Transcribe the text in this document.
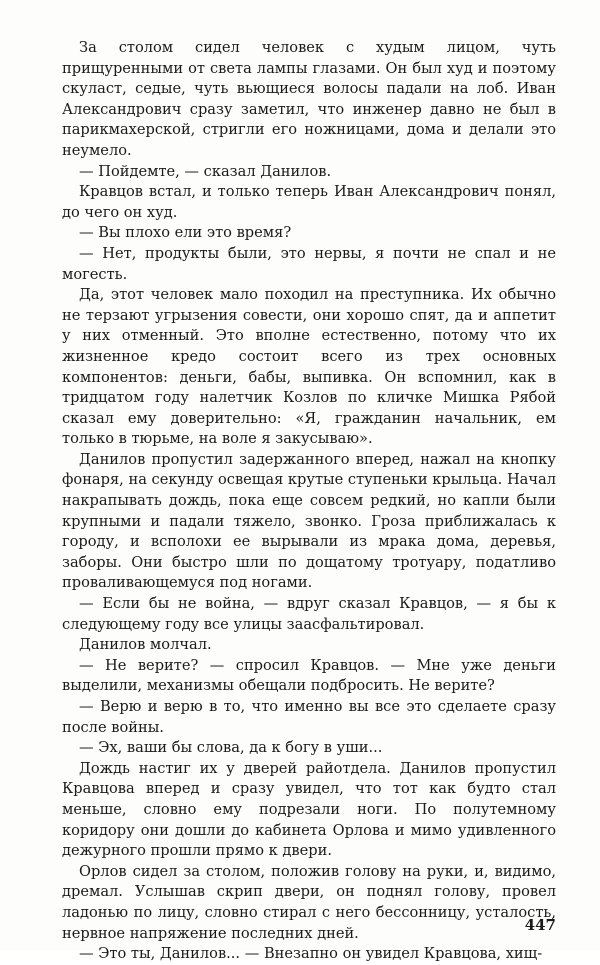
За столом сидел человек с худым лицом, чуть прищуренными от света лампы глазами. Он был худ и поэтому скуласт, седые, чуть вьющиеся волосы падали на лоб. Иван Александрович сразу заметил, что инженер давно не был в парикмахерской, стригли его ножницами, дома и делали это неумело.

— Пойдемте, — сказал Данилов.

Кравцов встал, и только теперь Иван Александрович понял, до чего он худ.

— Вы плохо ели это время?

— Нет, продукты были, это нервы, я почти не спал и не могесть.

Да, этот человек мало походил на преступника. Их обычно не терзают угрызения совести, они хорошо спят, да и аппетит у них отменный. Это вполне естественно, потому что их жизненное кредо состоит всего из трех основных компонентов: деньги, бабы, выпивка. Он вспомнил, как в тридцатом году налетчик Козлов по кличке Мишка Рябой сказал ему доверительно: «Я, гражданин начальник, ем только в тюрьме, на воле я закусываю».

Данилов пропустил задержанного вперед, нажал на кнопку фонаря, на секунду освещая крутые ступеньки крыльца. Начал накрапывать дождь, пока еще совсем редкий, но капли были крупными и падали тяжело, звонко. Гроза приближалась к городу, и всполохи ее вырывали из мрака дома, деревья, заборы. Они быстро шли по дощатому тротуару, податливо проваливающемуся под ногами.

— Если бы не война, — вдруг сказал Кравцов, — я бы к следующему году все улицы заасфальтировал.

Данилов молчал.

— Не верите? — спросил Кравцов. — Мне уже деньги выделили, механизмы обещали подбросить. Не верите?

— Верю и верю в то, что именно вы все это сделаете сразу после войны.

— Эх, ваши бы слова, да к богу в уши...

Дождь настиг их у дверей райотдела. Данилов пропустил Кравцова вперед и сразу увидел, что тот как будто стал меньше, словно ему подрезали ноги. По полутемному коридору они дошли до кабинета Орлова и мимо удивленного дежурного прошли прямо к двери.

Орлов сидел за столом, положив голову на руки, и, видимо, дремал. Услышав скрип двери, он поднял голову, провел ладонью по лицу, словно стирал с него бессонницу, усталость, нервное напряжение последних дней.

— Это ты, Данилов... — Внезапно он увидел Кравцова, хищ-

447
